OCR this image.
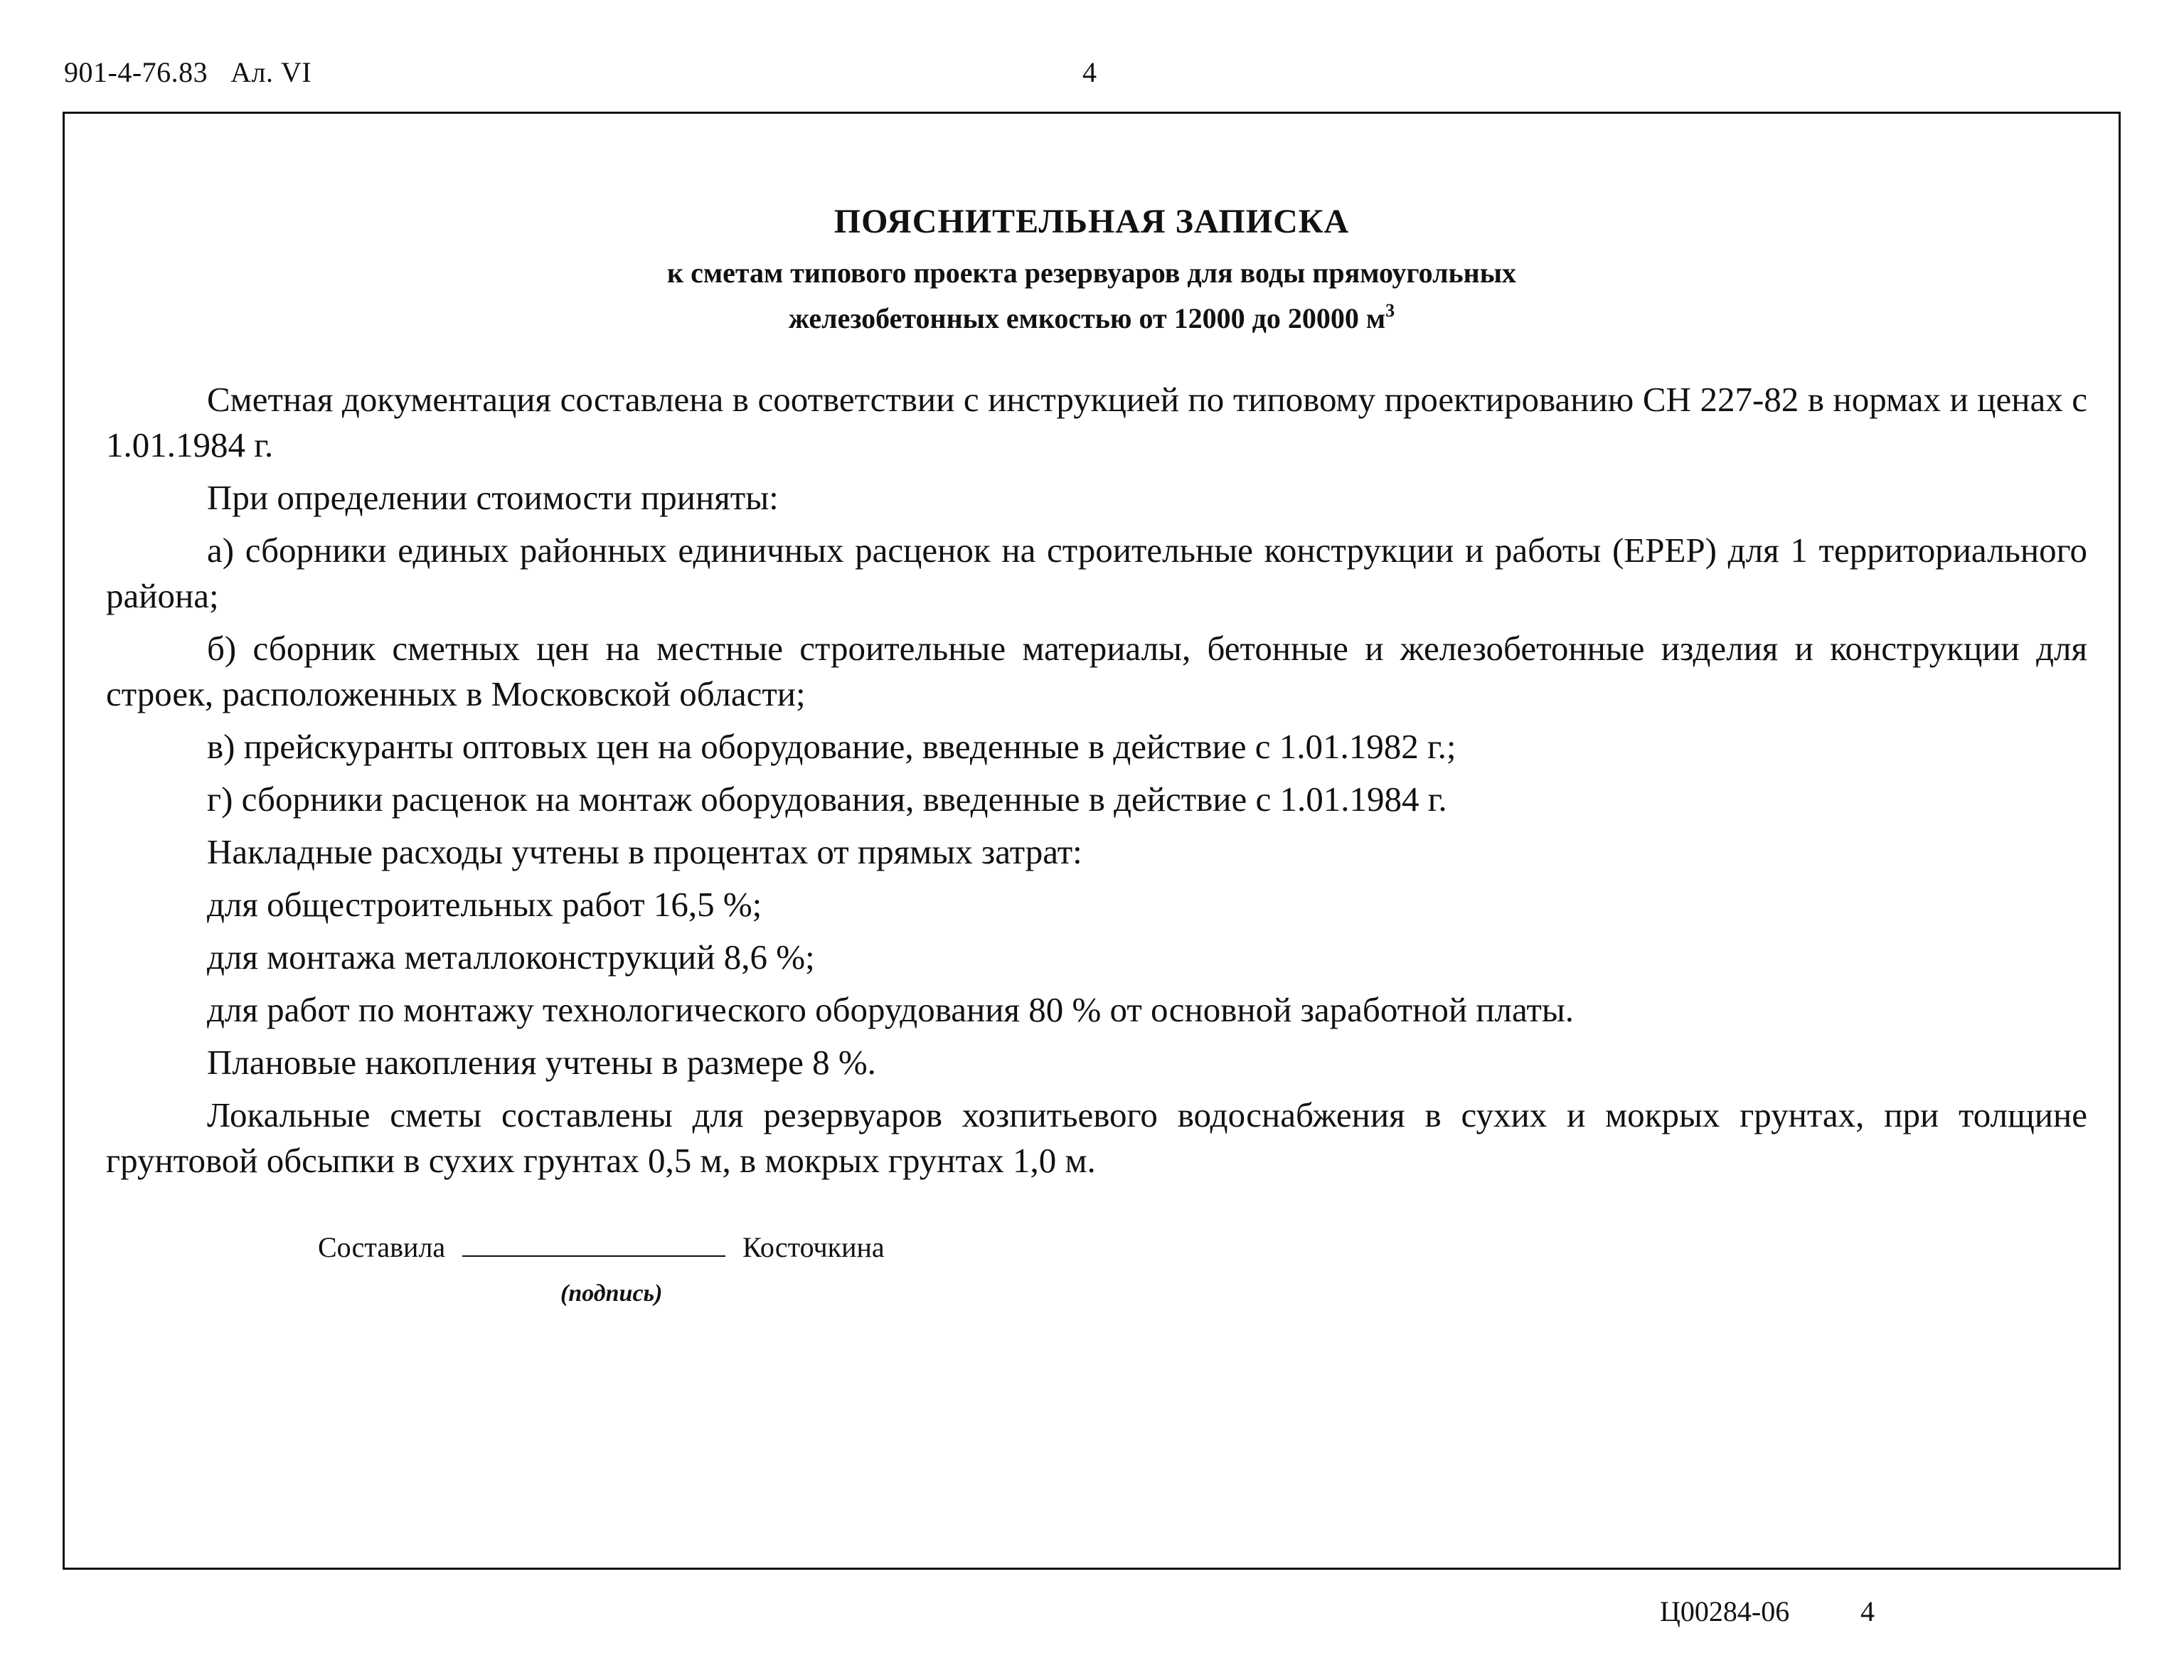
901-4-76.83 Ал. VI	4
ПОЯСНИТЕЛЬНАЯ ЗАПИСКА
к сметам типового проекта резервуаров для воды прямоугольных
железобетонных емкостью от 12000 до 20000 $м^3$

Сметная документация составлена в соответствии с инструкцией по типовому проектированию СН 227-82 в нормах и ценах с 1.01.1984 г.

При определении стоимости приняты:

а) сборники единых районных единичных расценок на строительные конструкции и работы (ЕРЕР) для 1 территориального района;

б) сборник сметных цен на местные строительные материалы, бетонные и железобетонные изделия и конструкции для строек, расположенных в Московской области;

в) прейскуранты оптовых цен на оборудование, введенные в действие с 1.01.1982 г.;

г) сборники расценок на монтаж оборудования, введенные в действие с 1.01.1984 г.

Накладные расходы учтены в процентах от прямых затрат:

для общестроительных работ 16,5 %;

для монтажа металлоконструкций 8,6 %;

для работ по монтажу технологического оборудования 80 % от основной заработной платы.

Плановые накопления учтены в размере 8 %.

Локальные сметы составлены для резервуаров хозпитьевого водоснабжения в сухих и мокрых грунтах, при толщине грунтовой обсыпки в сухих грунтах 0,5 м, в мокрых грунтах 1,0 м.

Составила	Косточкина
(подпись)
Ц00284-06 4
